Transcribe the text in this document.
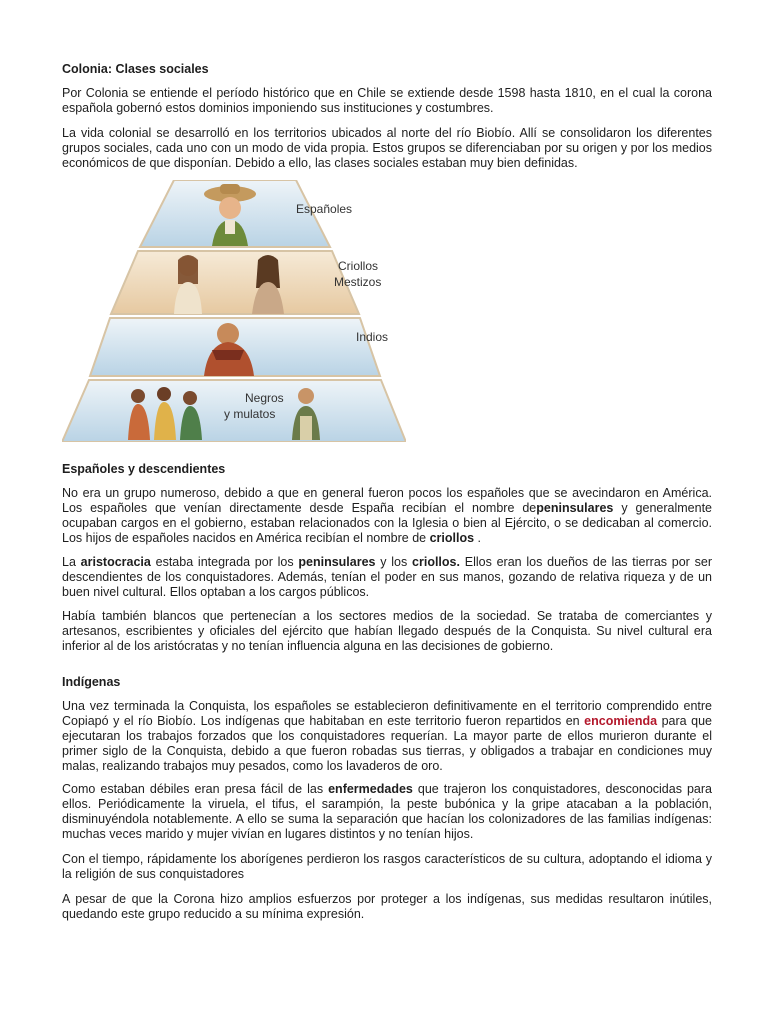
Colonia: Clases sociales

Por Colonia se entiende el período histórico que en Chile se extiende desde 1598 hasta 1810, en el cual la corona española gobernó estos dominios imponiendo sus instituciones y costumbres.

La vida colonial se desarrolló en los territorios ubicados al norte del río Biobío. Allí se consolidaron los diferentes grupos sociales, cada uno con un modo de vida propia. Estos grupos se diferenciaban por su origen y por los medios económicos de que disponían. Debido a ello, las clases sociales estaban muy bien definidas.

Españoles y descendientes

No era un grupo numeroso, debido a que en general fueron pocos los españoles que se avecindaron en América. Los españoles que venían directamente desde España recibían el nombre depeninsulares y generalmente ocupaban cargos en el gobierno, estaban relacionados con la Iglesia o bien al Ejército, o se dedicaban al comercio. Los hijos de españoles nacidos en América recibían el nombre de criollos .

La aristocracia estaba integrada por los peninsulares y los criollos. Ellos eran los dueños de las tierras por ser descendientes de los conquistadores. Además, tenían el poder en sus manos, gozando de relativa riqueza y de un buen nivel cultural. Ellos optaban a los cargos públicos.

Había también blancos que pertenecían a los sectores medios de la sociedad. Se trataba de comerciantes y artesanos, escribientes y oficiales del ejército que habían llegado después de la Conquista. Su nivel cultural era inferior al de los aristócratas y no tenían influencia alguna en las decisiones de gobierno.

Indígenas

Una vez terminada la Conquista, los españoles se establecieron definitivamente en el territorio comprendido entre Copiapó y el río Biobío. Los indígenas que habitaban en este territorio fueron repartidos en encomienda para que ejecutaran los trabajos forzados que los conquistadores requerían. La mayor parte de ellos murieron durante el primer siglo de la Conquista, debido a que fueron robadas sus tierras, y obligados a trabajar en condiciones muy malas, realizando trabajos muy pesados, como los lavaderos de oro.

Como estaban débiles eran presa fácil de las enfermedades que trajeron los conquistadores, desconocidas para ellos. Periódicamente la viruela, el tifus, el sarampión, la peste bubónica y la gripe atacaban a la población, disminuyéndola notablemente. A ello se suma la separación que hacían los colonizadores de las familias indígenas: muchas veces marido y mujer vivían en lugares distintos y no tenían hijos.

Con el tiempo, rápidamente los aborígenes perdieron los rasgos característicos de su cultura, adoptando el idioma y la religión de sus conquistadores

A pesar de que la Corona hizo amplios esfuerzos por proteger a los indígenas, sus medidas resultaron inútiles, quedando este grupo reducido a su mínima expresión.

Españoles
Criollos
Mestizos
Indios
Negros
y mulatos
